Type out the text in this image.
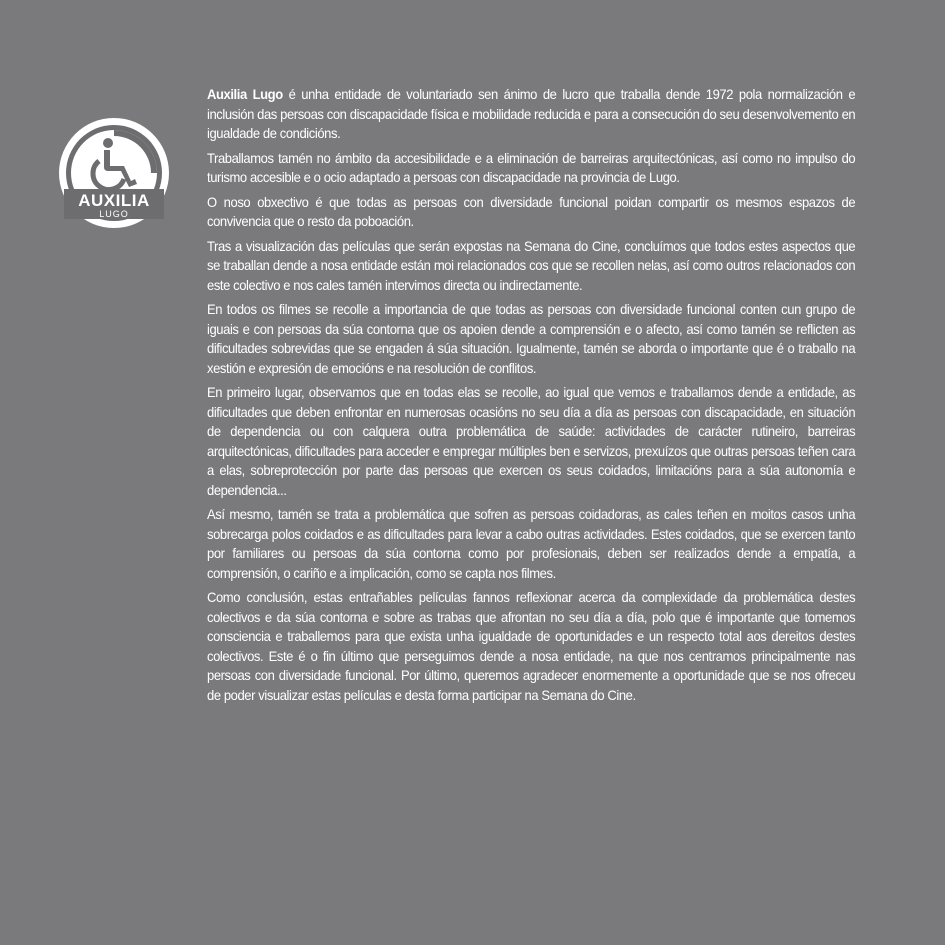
AUXILIA
LUGO

Auxilia Lugo é unha entidade de voluntariado sen ánimo de lucro que traballa dende 1972 pola normalización e inclusión das persoas con discapacidade física e mobilidade reducida e para a consecución do seu desenvolvemento en igualdade de condicións.

Traballamos tamén no ámbito da accesibilidade e a eliminación de barreiras arquitectónicas, así como no impulso do turismo accesible e o ocio adaptado a persoas con discapacidade na provincia de Lugo.

O noso obxectivo é que todas as persoas con diversidade funcional poidan compartir os mesmos espazos de convivencia que o resto da poboación.

Tras a visualización das películas que serán expostas na Semana do Cine, concluímos que todos estes aspectos que se traballan dende a nosa entidade están moi relacionados cos que se recollen nelas, así como outros relacionados con este colectivo e nos cales tamén intervimos directa ou indirectamente.

En todos os filmes se recolle a importancia de que todas as persoas con diversidade funcional conten cun grupo de iguais e con persoas da súa contorna que os apoien dende a comprensión e o afecto, así como tamén se reflicten as dificultades sobrevidas que se engaden á súa situación. Igualmente, tamén se aborda o importante que é o traballo na xestión e expresión de emocións e na resolución de conflitos.

En primeiro lugar, observamos que en todas elas se recolle, ao igual que vemos e traballamos dende a entidade, as dificultades que deben enfrontar en numerosas ocasións no seu día a día as persoas con discapacidade, en situación de dependencia ou con calquera outra problemática de saúde: actividades de carácter rutineiro, barreiras arquitectónicas, dificultades para acceder e empregar múltiples ben e servizos, prexuízos que outras persoas teñen cara a elas, sobreprotección por parte das persoas que exercen os seus coidados, limitacións para a súa autonomía e dependencia...

Así mesmo, tamén se trata a problemática que sofren as persoas coidadoras, as cales teñen en moitos casos unha sobrecarga polos coidados e as dificultades para levar a cabo outras actividades. Estes coidados, que se exercen tanto por familiares ou persoas da súa contorna como por profesionais, deben ser realizados dende a empatía, a comprensión, o cariño e a implicación, como se capta nos filmes.

Como conclusión, estas entrañables películas fannos reflexionar acerca da complexidade da problemática destes colectivos e da súa contorna e sobre as trabas que afrontan no seu día a día, polo que é importante que tomemos consciencia e traballemos para que exista unha igualdade de oportunidades e un respecto total aos dereitos destes colectivos. Este é o fin último que perseguimos dende a nosa entidade, na que nos centramos principalmente nas persoas con diversidade funcional. Por último, queremos agradecer enormemente a oportunidade que se nos ofreceu de poder visualizar estas películas e desta forma participar na Semana do Cine.
